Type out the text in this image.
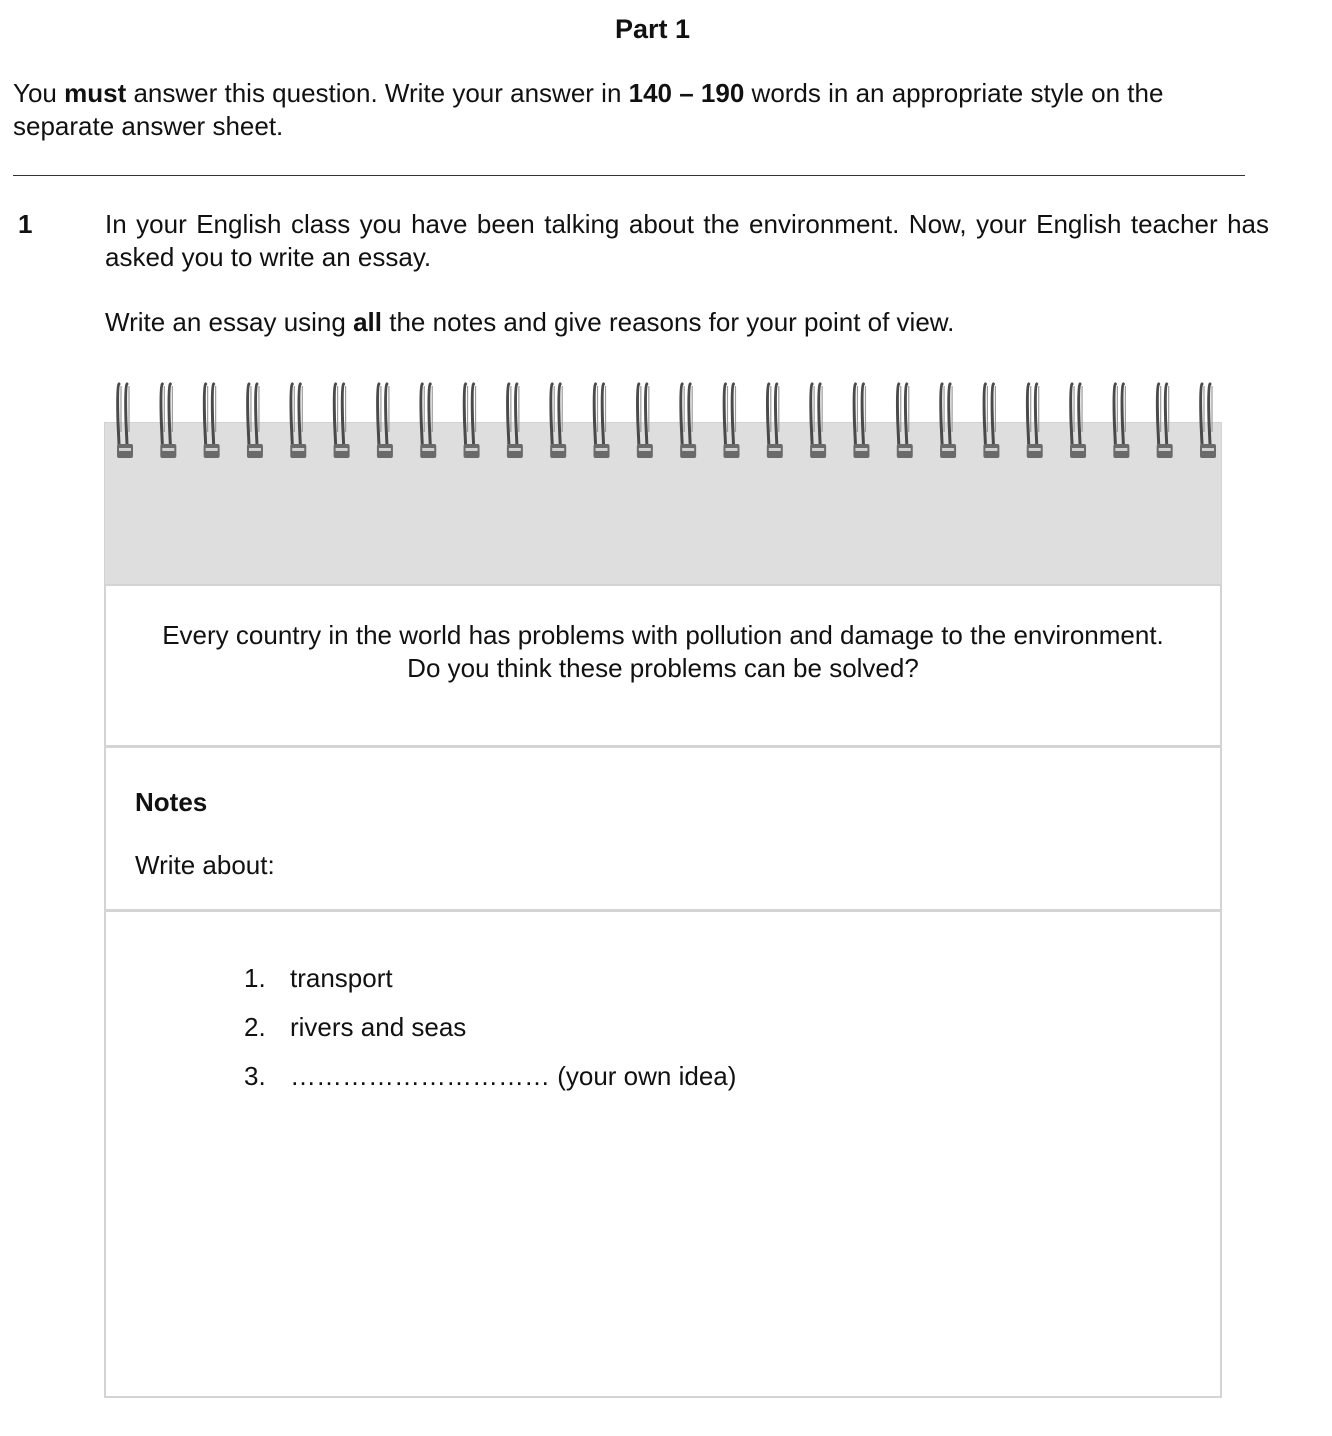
Part 1
You must answer this question. Write your answer in 140 – 190 words in an appropriate style on the
separate answer sheet.
1	In your English class you have been talking about the environment. Now, your English teacher has asked you to write an essay.
Write an essay using all the notes and give reasons for your point of view.
Every country in the world has problems with pollution and damage to the environment.
Do you think these problems can be solved?
Notes
Write about:
1. transport
2. rivers and seas
3. ………………………… (your own idea)
